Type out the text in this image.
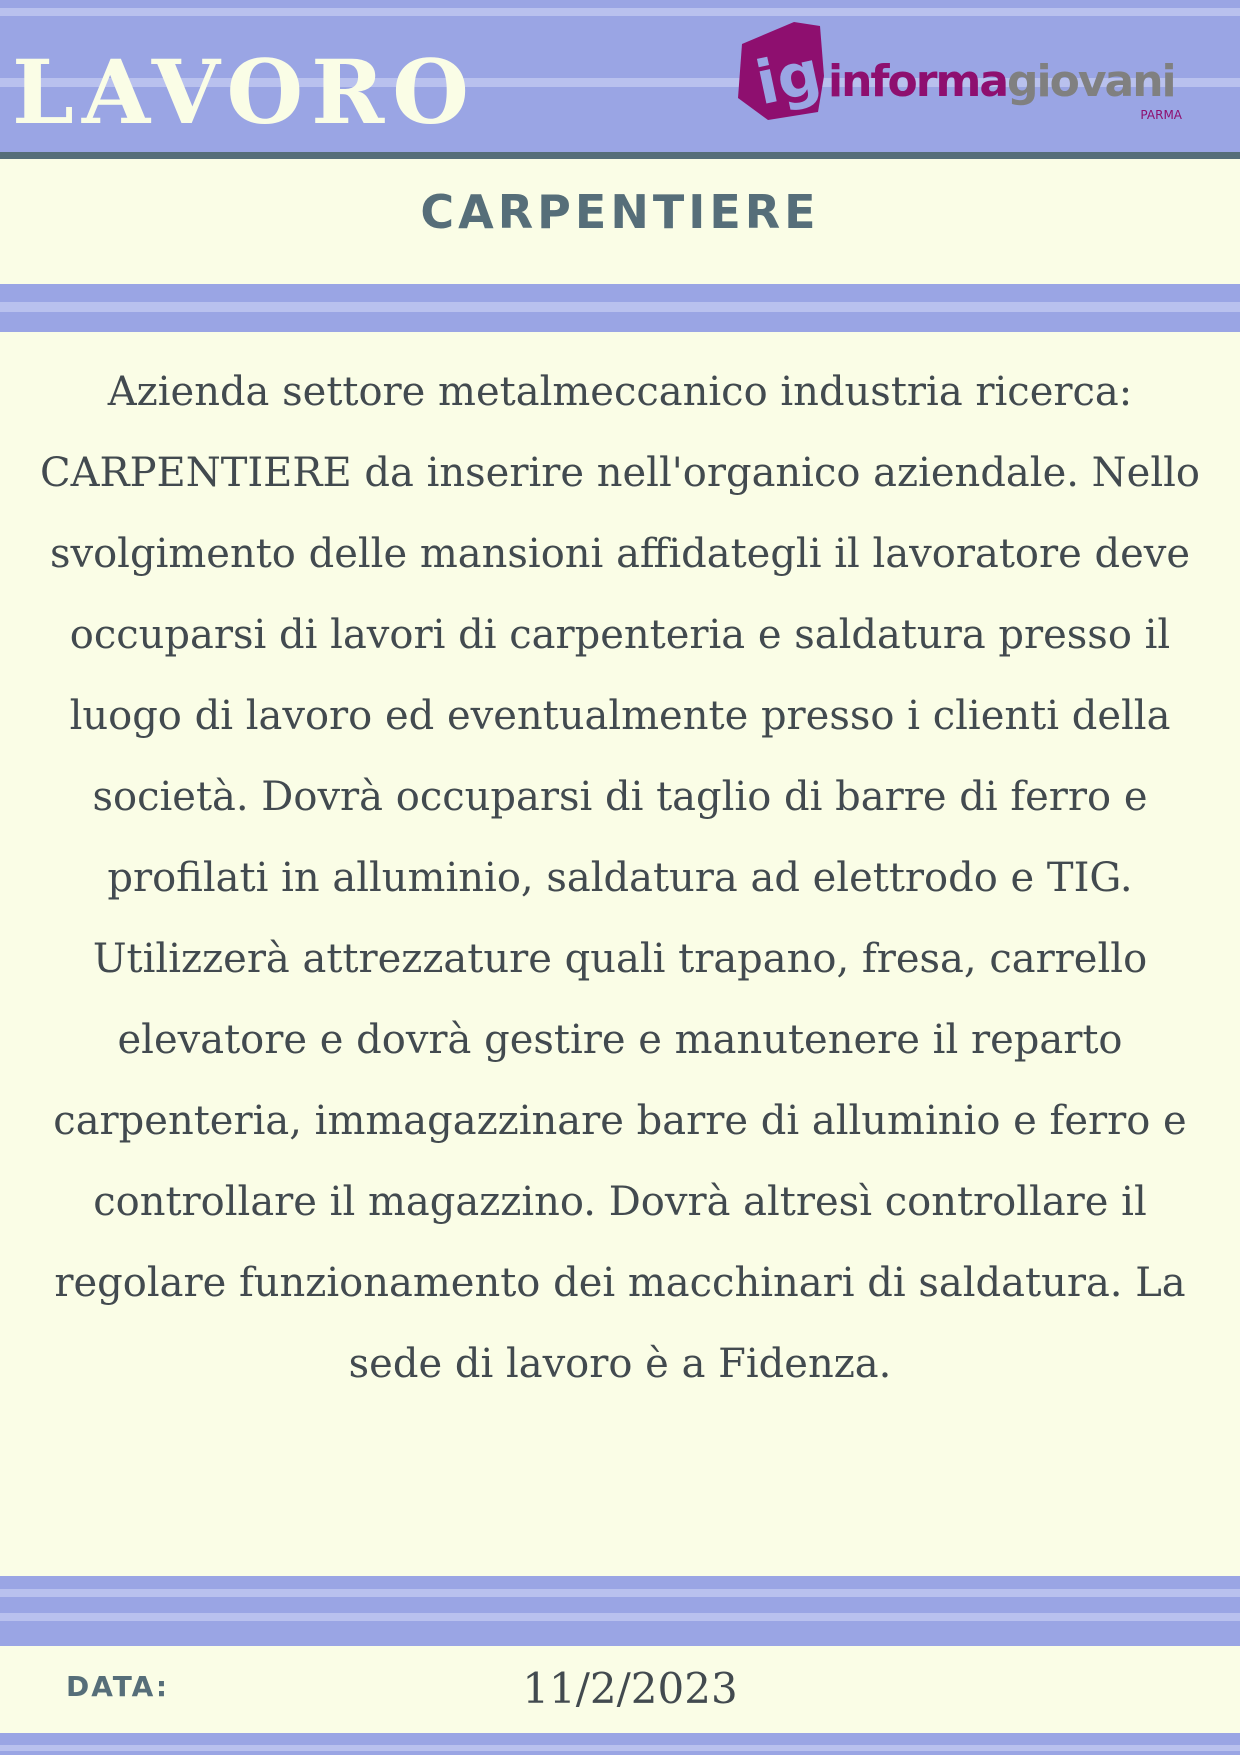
LAVORO	ig informagiovani
PARMA
CARPENTIERE

Azienda settore metalmeccanico industria ricerca: CARPENTIERE da inserire nell'organico aziendale. Nello svolgimento delle mansioni affidategli il lavoratore deve occuparsi di lavori di carpenteria e saldatura presso il luogo di lavoro ed eventualmente presso i clienti della società. Dovrà occuparsi di taglio di barre di ferro e profilati in alluminio, saldatura ad elettrodo e TIG. Utilizzerà attrezzature quali trapano, fresa, carrello elevatore e dovrà gestire e manutenere il reparto carpenteria, immagazzinare barre di alluminio e ferro e controllare il magazzino. Dovrà altresì controllare il regolare funzionamento dei macchinari di saldatura. La sede di lavoro è a Fidenza.

DATA:	11/2/2023
